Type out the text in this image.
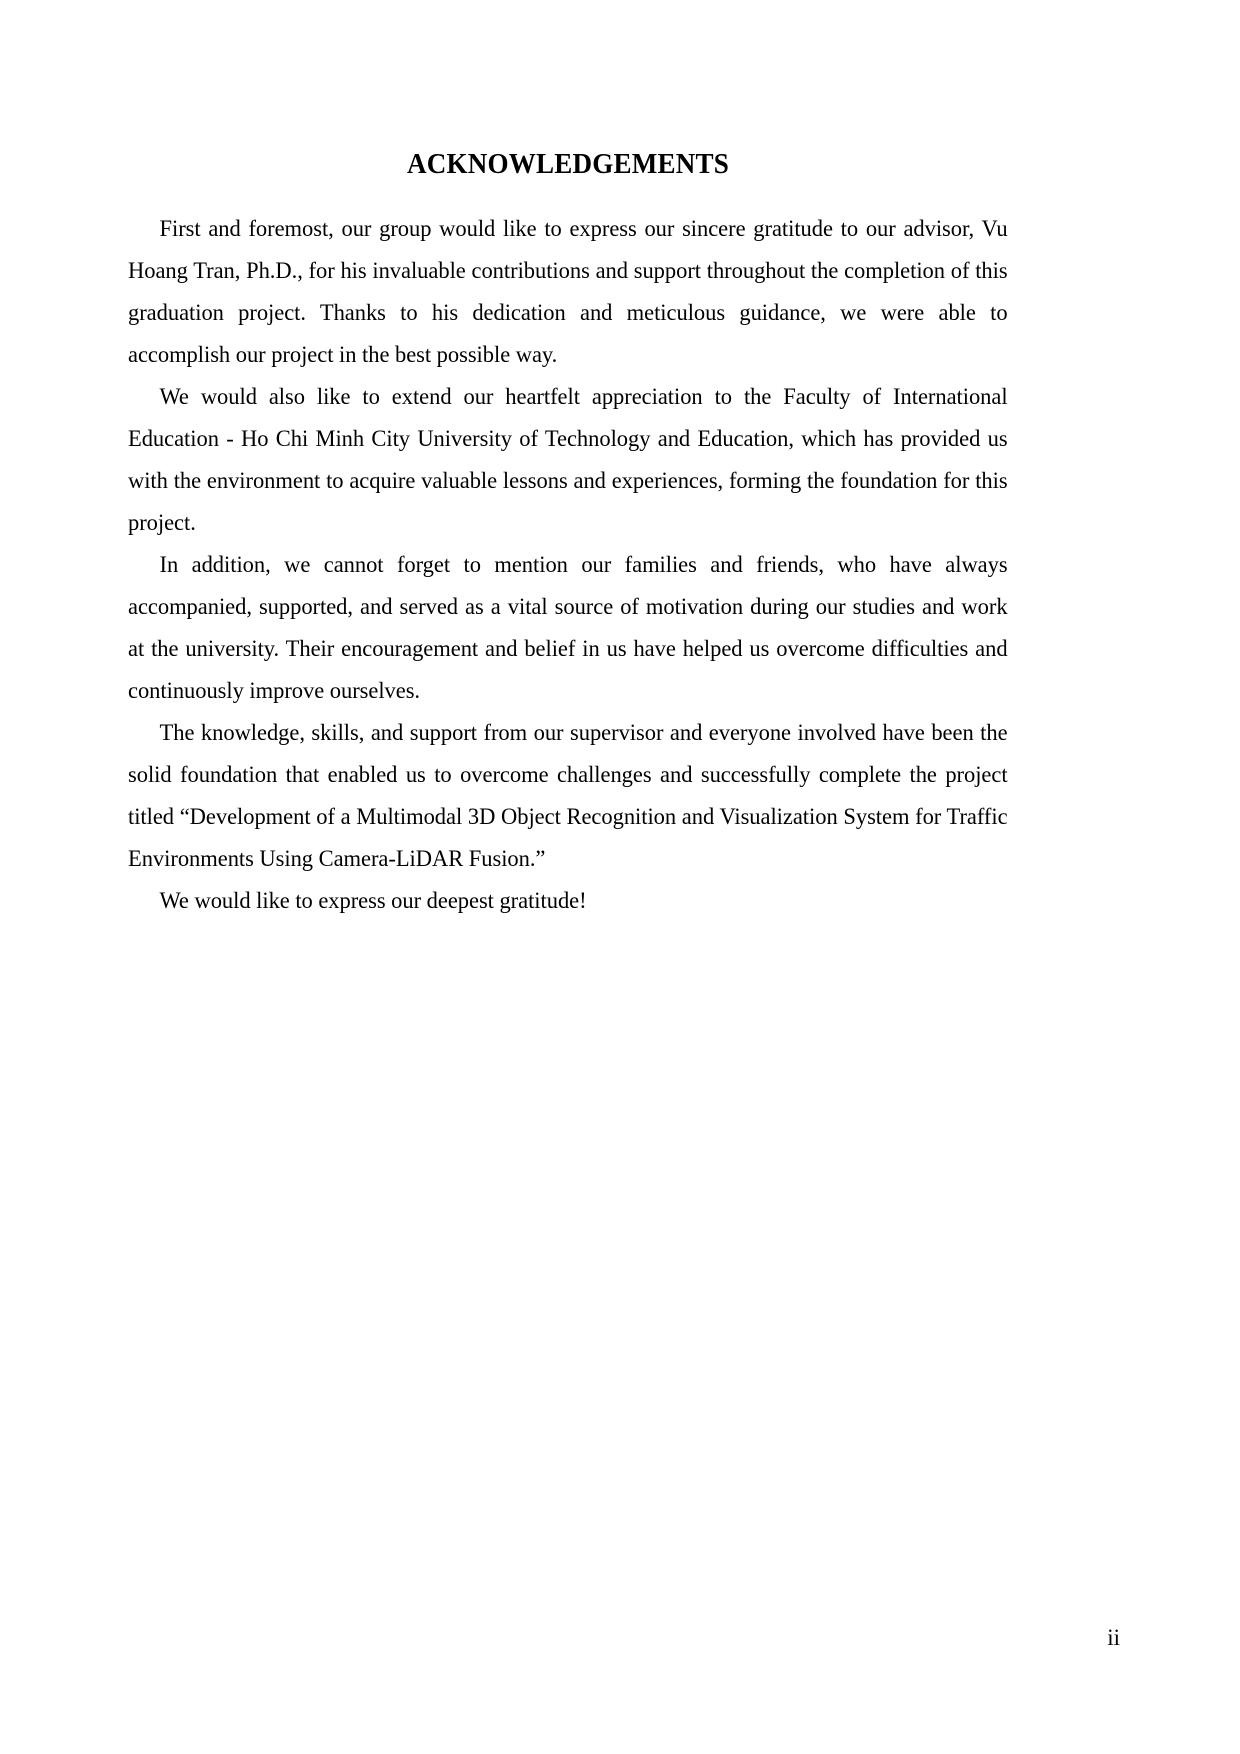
ACKNOWLEDGEMENTS

First and foremost, our group would like to express our sincere gratitude to our advisor, Vu Hoang Tran, Ph.D., for his invaluable contributions and support throughout the completion of this graduation project. Thanks to his dedication and meticulous guidance, we were able to accomplish our project in the best possible way.

We would also like to extend our heartfelt appreciation to the Faculty of International Education - Ho Chi Minh City University of Technology and Education, which has provided us with the environment to acquire valuable lessons and experiences, forming the foundation for this project.

In addition, we cannot forget to mention our families and friends, who have always accompanied, supported, and served as a vital source of motivation during our studies and work at the university. Their encouragement and belief in us have helped us overcome difficulties and continuously improve ourselves.

The knowledge, skills, and support from our supervisor and everyone involved have been the solid foundation that enabled us to overcome challenges and successfully complete the project titled “Development of a Multimodal 3D Object Recognition and Visualization System for Traffic Environments Using Camera-LiDAR Fusion.”

We would like to express our deepest gratitude!

ii
